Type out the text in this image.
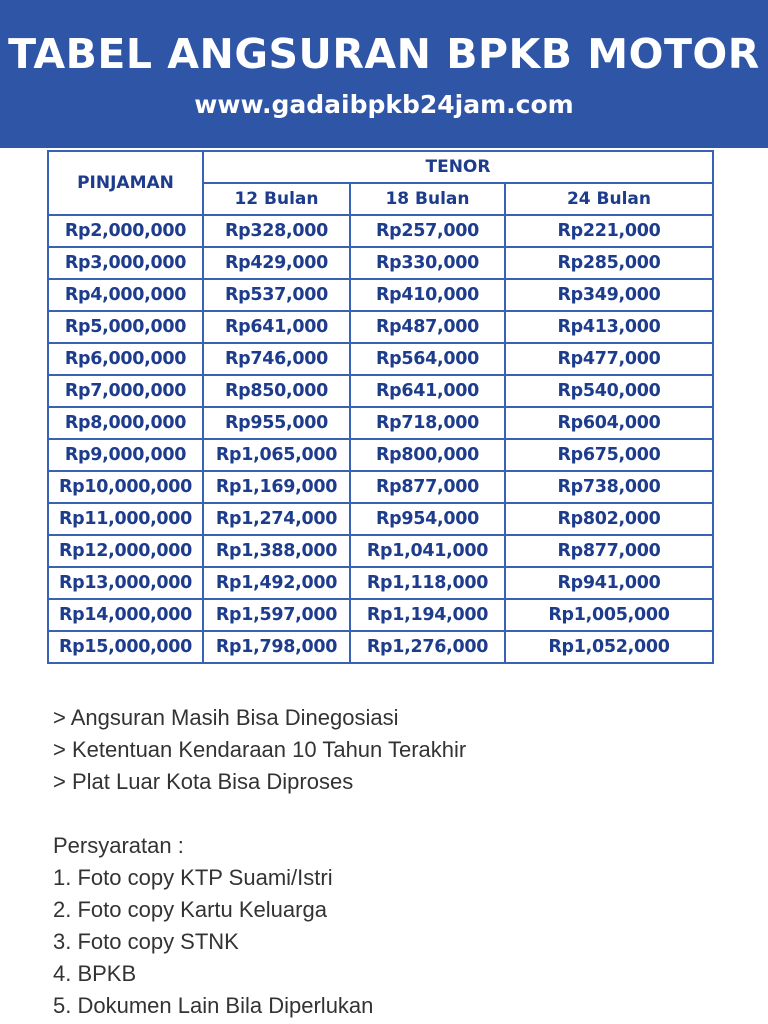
TABEL ANGSURAN BPKB MOTOR
www.gadaibpkb24jam.com
PINJAMAN	TENOR		
	12 Bulan	18 Bulan	24 Bulan
Rp2,000,000	Rp328,000	Rp257,000	Rp221,000
Rp3,000,000	Rp429,000	Rp330,000	Rp285,000
Rp4,000,000	Rp537,000	Rp410,000	Rp349,000
Rp5,000,000	Rp641,000	Rp487,000	Rp413,000
Rp6,000,000	Rp746,000	Rp564,000	Rp477,000
Rp7,000,000	Rp850,000	Rp641,000	Rp540,000
Rp8,000,000	Rp955,000	Rp718,000	Rp604,000
Rp9,000,000	Rp1,065,000	Rp800,000	Rp675,000
Rp10,000,000	Rp1,169,000	Rp877,000	Rp738,000
Rp11,000,000	Rp1,274,000	Rp954,000	Rp802,000
Rp12,000,000	Rp1,388,000	Rp1,041,000	Rp877,000
Rp13,000,000	Rp1,492,000	Rp1,118,000	Rp941,000
Rp14,000,000	Rp1,597,000	Rp1,194,000	Rp1,005,000
Rp15,000,000	Rp1,798,000	Rp1,276,000	Rp1,052,000
> Angsuran Masih Bisa Dinegosiasi
> Ketentuan Kendaraan 10 Tahun Terakhir
> Plat Luar Kota Bisa Diproses
Persyaratan :
1. Foto copy KTP Suami/Istri
2. Foto copy Kartu Keluarga
3. Foto copy STNK
4. BPKB
5. Dokumen Lain Bila Diperlukan
